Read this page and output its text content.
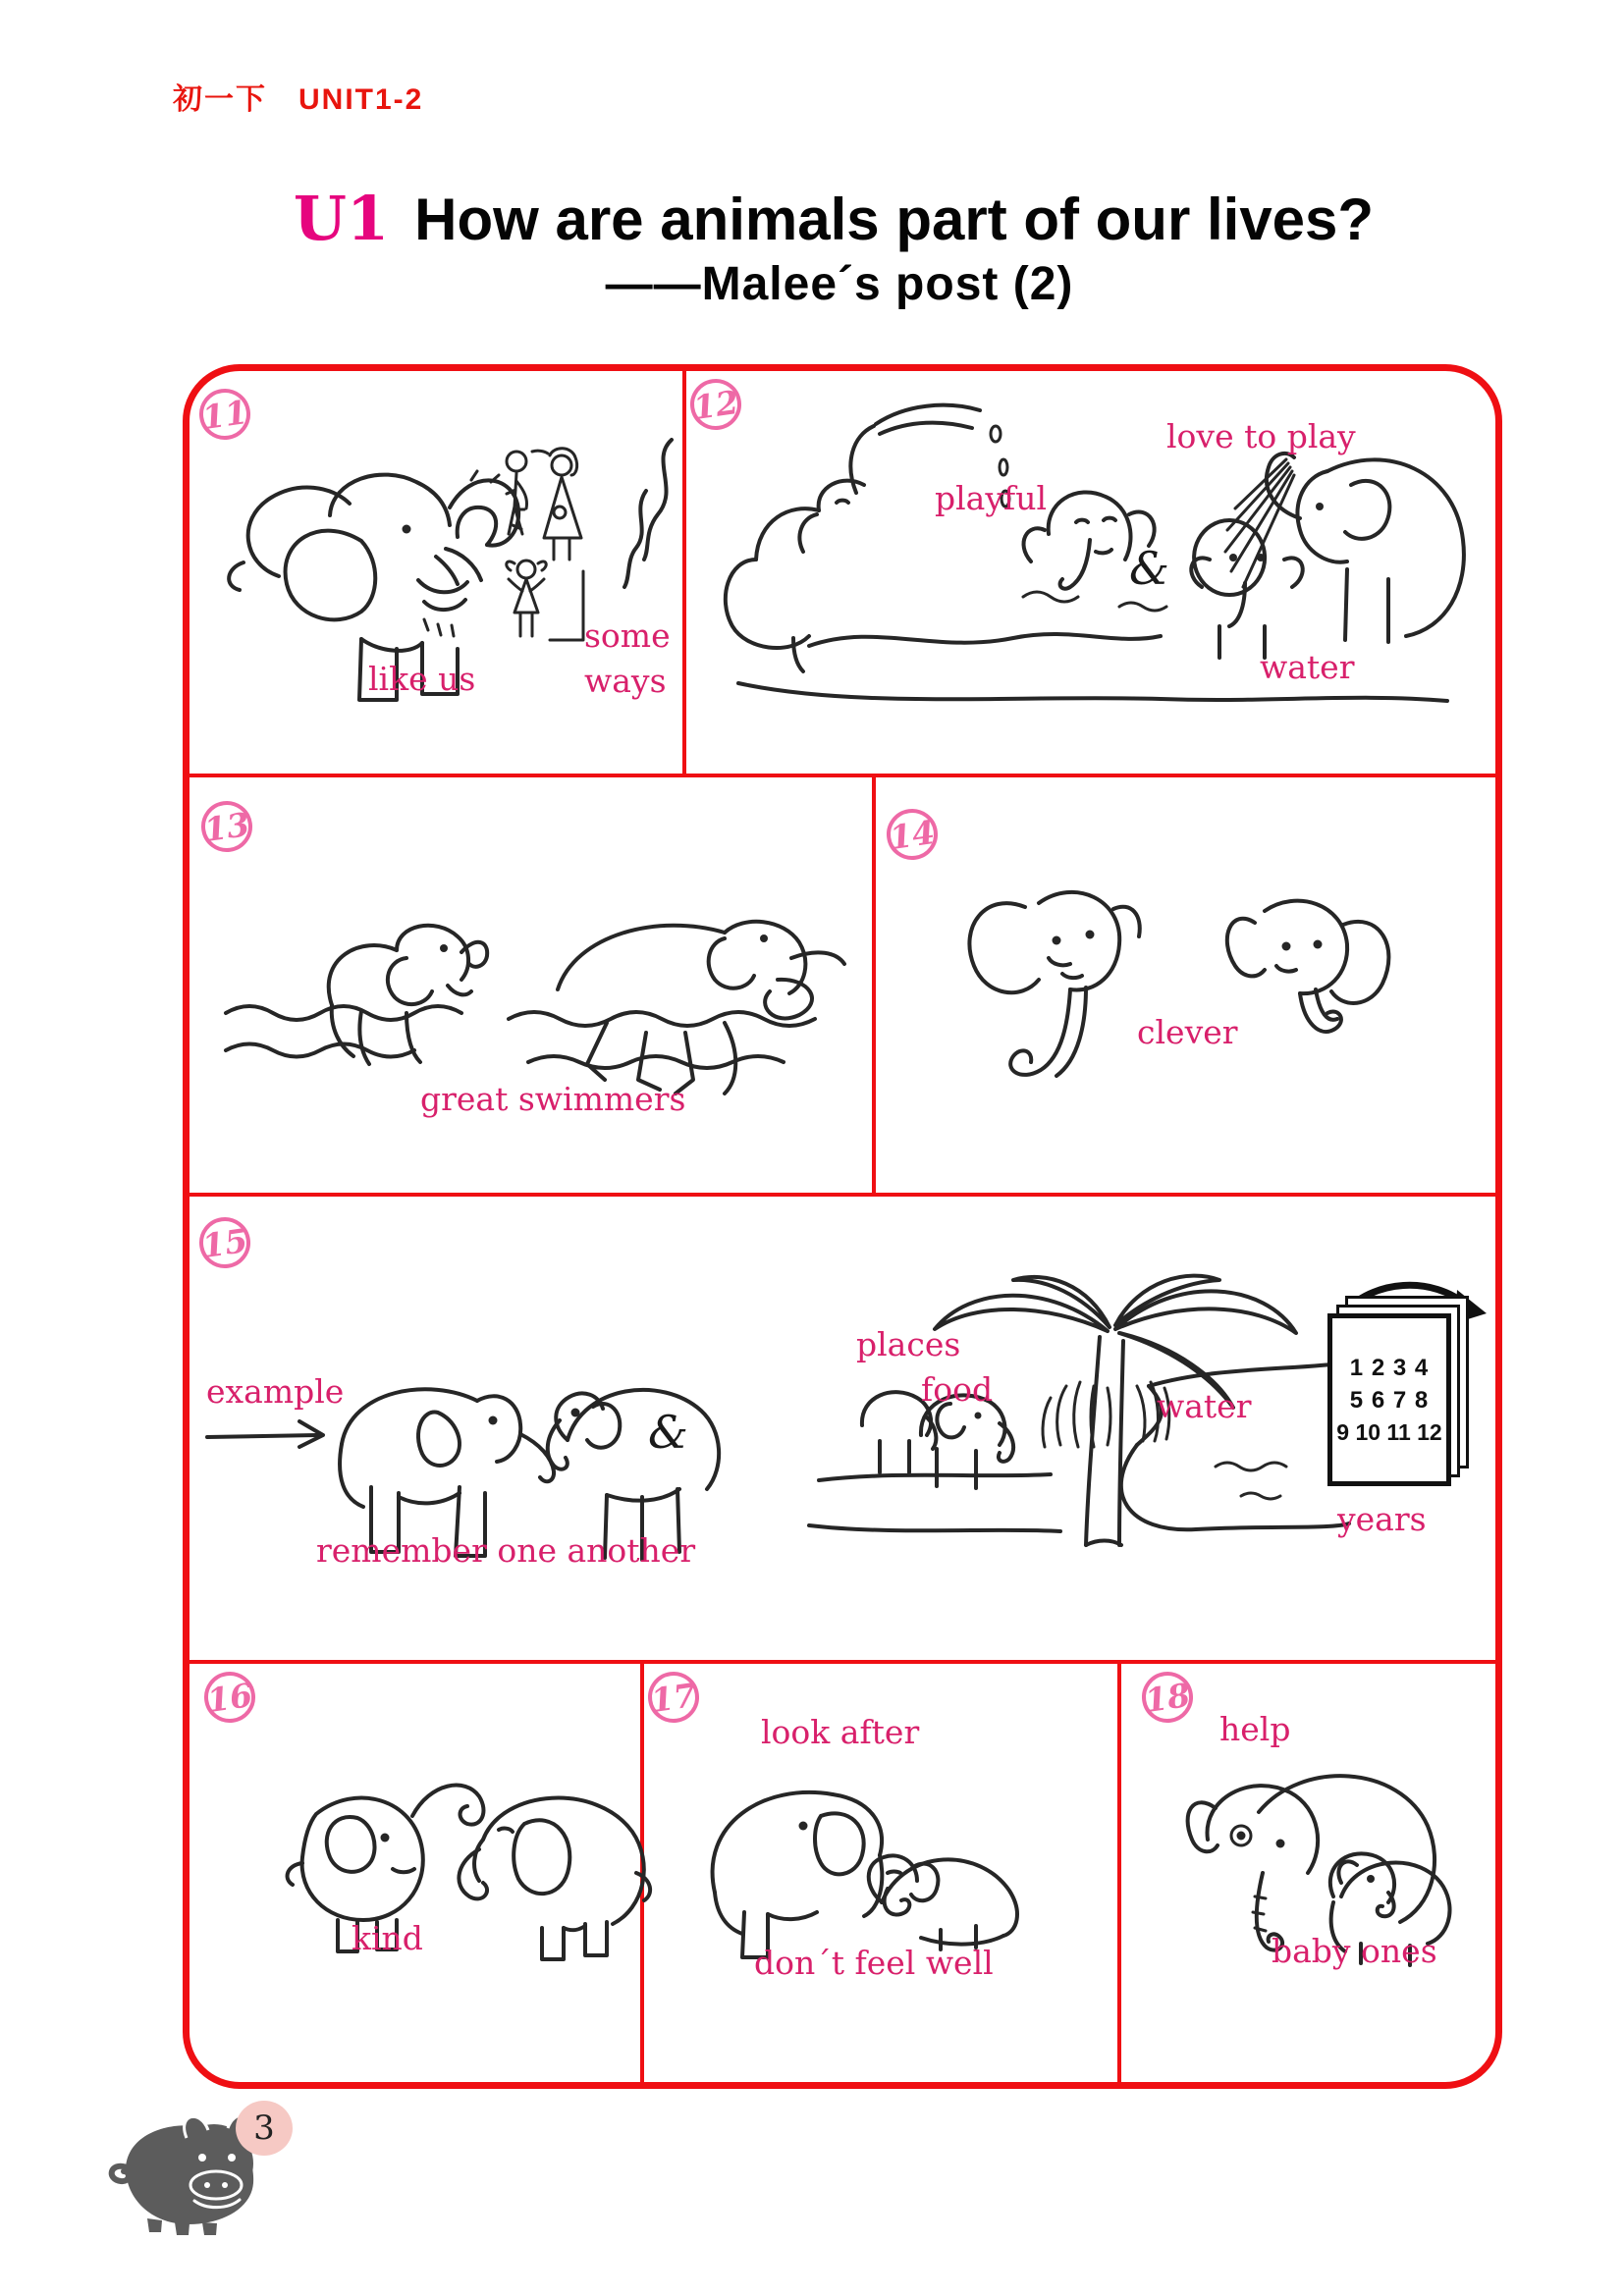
初一下　UNIT1-2
U1 How are animals part of our lives?
——Malee´s post (2)
11	12
13	14
15
16	17	18
like us
some
ways
playful
love to play
&
water
great swimmers
clever
example
remember one another
&
places
food	water
1 2 3 4
5 6 7 8
9 10 11 12
years
kind
look after
don´t feel well
help
baby ones
3
